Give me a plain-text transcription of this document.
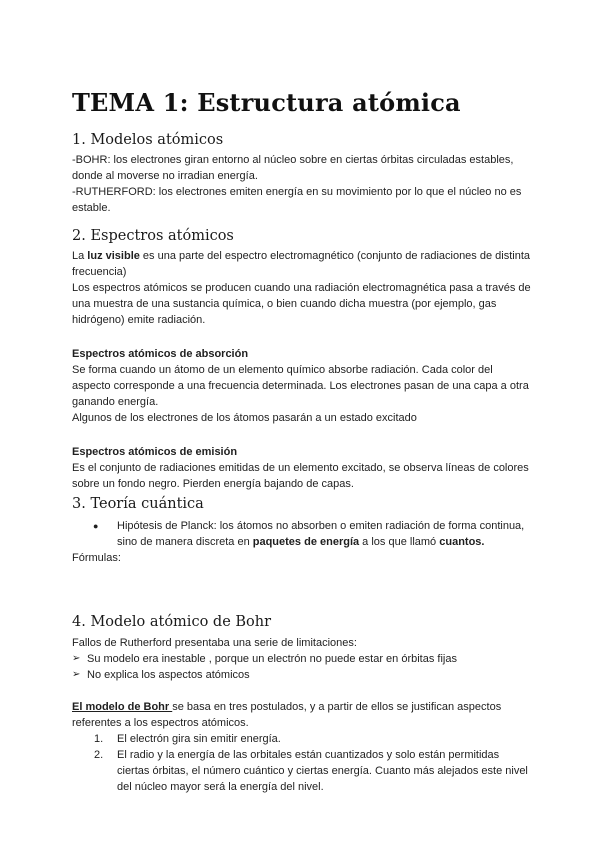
TEMA 1: Estructura atómica
1. Modelos atómicos

-BOHR: los electrones giran entorno al núcleo sobre en ciertas órbitas circuladas estables, donde al moverse no irradian energía.

-RUTHERFORD: los electrones emiten energía en su movimiento por lo que el núcleo no es estable.

2. Espectros atómicos

La luz visible es una parte del espectro electromagnético (conjunto de radiaciones de distinta frecuencia)

Los espectros atómicos se producen cuando una radiación electromagnética pasa a través de una muestra de una sustancia química, o bien cuando dicha muestra (por ejemplo, gas hidrógeno) emite radiación.

Espectros atómicos de absorción

Se forma cuando un átomo de un elemento químico absorbe radiación. Cada color del aspecto corresponde a una frecuencia determinada. Los electrones pasan de una capa a otra ganando energía.

Algunos de los electrones de los átomos pasarán a un estado excitado

Espectros atómicos de emisión

Es el conjunto de radiaciones emitidas de un elemento excitado, se observa líneas de colores sobre un fondo negro. Pierden energía bajando de capas.

3. Teoría cuántica
● Hipótesis de Planck: los átomos no absorben o emiten radiación de forma continua, sino de manera discreta en paquetes de energía a los que llamó cuantos.

Fórmulas:

4. Modelo atómico de Bohr

Fallos de Rutherford presentaba una serie de limitaciones:

➢ Su modelo era inestable , porque un electrón no puede estar en órbitas fijas
➢ No explica los aspectos atómicos

El modelo de Bohr se basa en tres postulados, y a partir de ellos se justifican aspectos referentes a los espectros atómicos.

1. El electrón gira sin emitir energía.
2. El radio y la energía de las orbitales están cuantizados y solo están permitidas ciertas órbitas, el número cuántico y ciertas energía. Cuanto más alejados este nivel del núcleo mayor será la energía del nivel.
